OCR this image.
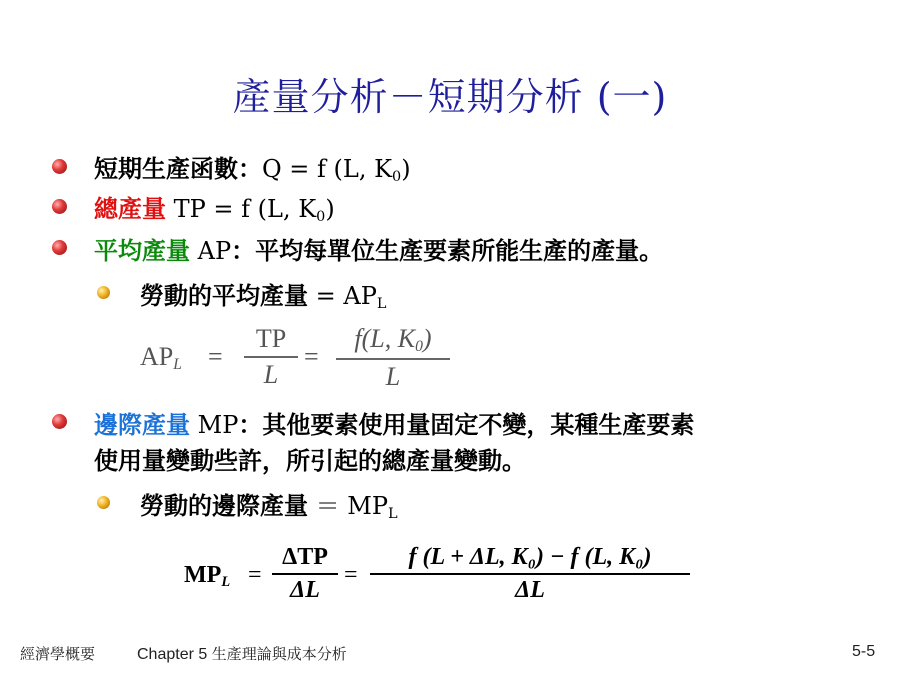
產量分析－短期分析 (一)
短期生產函數：Q = f (L, $K_0$)
總產量 TP = f (L, $K_0$)
平均產量 AP：平均每單位生產要素所能生產的產量。
勞動的平均產量 = $AP_L$
$AP_L$ =
TP
L
=
f(L, $K_0$)
L
邊際產量 MP：其他要素使用量固定不變，某種生產要素
使用量變動些許，所引起的總產量變動。
勞動的邊際產量 ＝ $MP_L$
$MP_L$ =
ΔTP
ΔL
=
f (L + ΔL, K₀) − f (L, K₀)
ΔL
經濟學概要	Chapter 5 生產理論與成本分析	5-5
